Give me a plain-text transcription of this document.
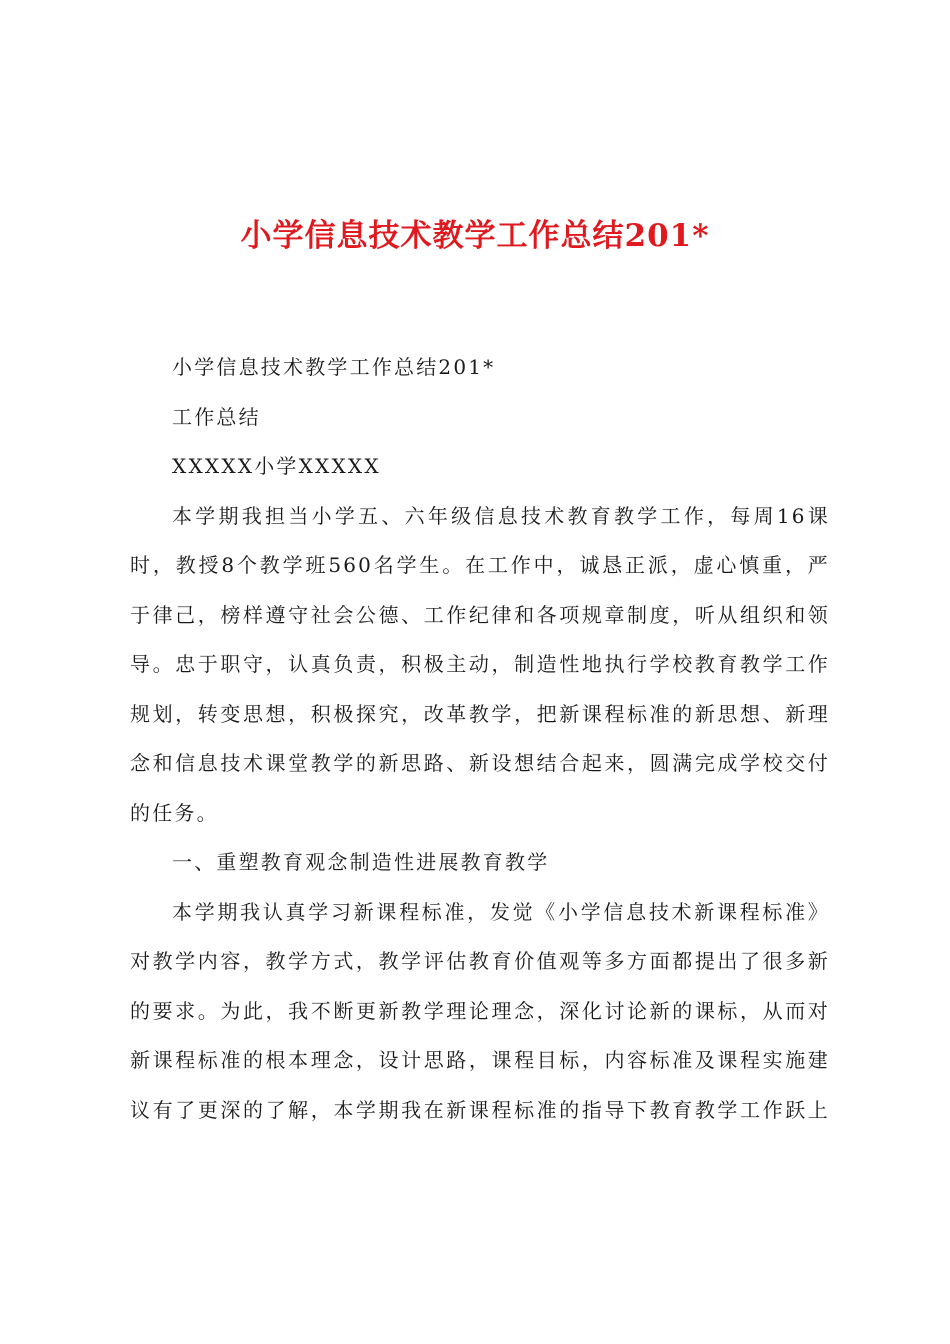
小学信息技术教学工作总结201*

小学信息技术教学工作总结201*

工作总结

XXXXX小学XXXXX

本学期我担当小学五、六年级信息技术教育教学工作，每周16课
时，教授8个教学班560名学生。在工作中，诚恳正派，虚心慎重，严
于律己，榜样遵守社会公德、工作纪律和各项规章制度，听从组织和领
导。忠于职守，认真负责，积极主动，制造性地执行学校教育教学工作
规划，转变思想，积极探究，改革教学，把新课程标准的新思想、新理
念和信息技术课堂教学的新思路、新设想结合起来，圆满完成学校交付
的任务。

一、重塑教育观念制造性进展教育教学

本学期我认真学习新课程标准，发觉《小学信息技术新课程标准》
对教学内容，教学方式，教学评估教育价值观等多方面都提出了很多新
的要求。为此，我不断更新教学理论理念，深化讨论新的课标，从而对
新课程标准的根本理念，设计思路，课程目标，内容标准及课程实施建
议有了更深的了解，本学期我在新课程标准的指导下教育教学工作跃上
